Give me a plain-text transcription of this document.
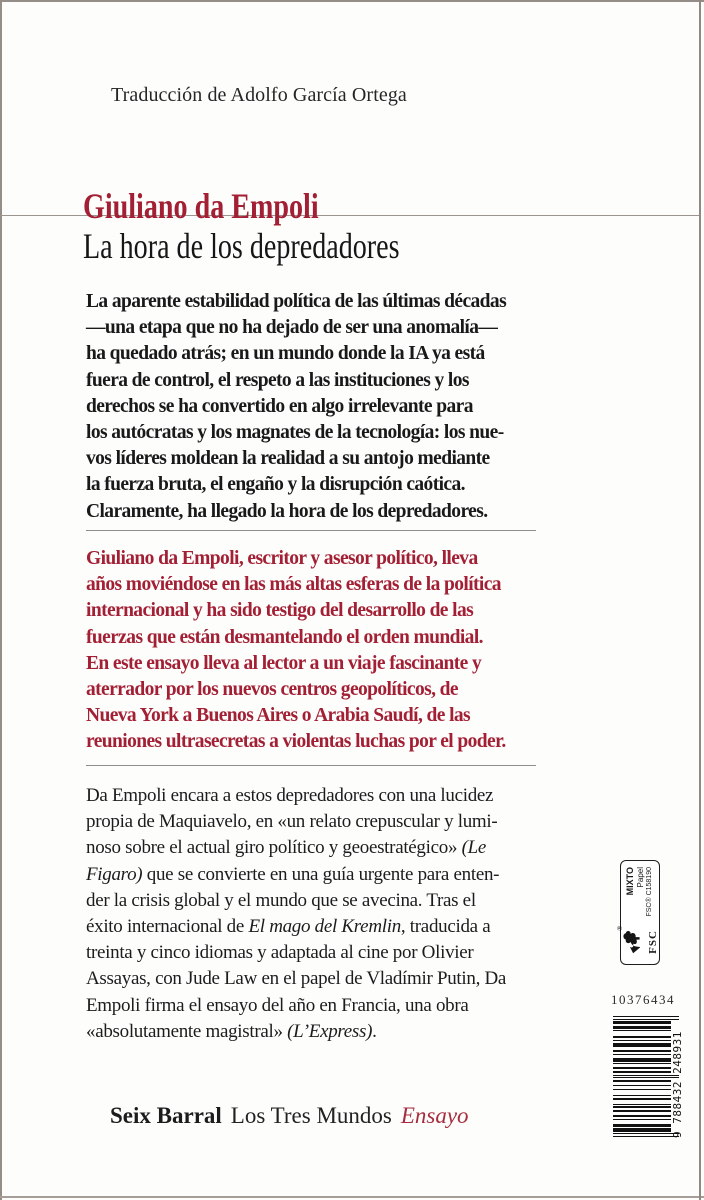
Traducción de Adolfo García Ortega
Giuliano da Empoli
La hora de los depredadores
La aparente estabilidad política de las últimas décadas
—una etapa que no ha dejado de ser una anomalía—
ha quedado atrás; en un mundo donde la IA ya está
fuera de control, el respeto a las instituciones y los
derechos se ha convertido en algo irrelevante para
los autócratas y los magnates de la tecnología: los nue-
vos líderes moldean la realidad a su antojo mediante
la fuerza bruta, el engaño y la disrupción caótica.
Claramente, ha llegado la hora de los depredadores.
Giuliano da Empoli, escritor y asesor político, lleva
años moviéndose en las más altas esferas de la política
internacional y ha sido testigo del desarrollo de las
fuerzas que están desmantelando el orden mundial.
En este ensayo lleva al lector a un viaje fascinante y
aterrador por los nuevos centros geopolíticos, de
Nueva York a Buenos Aires o Arabia Saudí, de las
reuniones ultrasecretas a violentas luchas por el poder.
Da Empoli encara a estos depredadores con una lucidez
propia de Maquiavelo, en «un relato crepuscular y lumi-
noso sobre el actual giro político y geoestratégico» (Le
Figaro) que se convierte en una guía urgente para enten-
der la crisis global y el mundo que se avecina. Tras el
éxito internacional de El mago del Kremlin, traducida a
treinta y cinco idiomas y adaptada al cine por Olivier
Assayas, con Jude Law en el papel de Vladímir Putin, Da
Empoli firma el ensayo del año en Francia, una obra
«absolutamente magistral» (L’Express).
Seix Barral Los Tres Mundos Ensayo
®
FSC
MIXTO Papel FSC® C158190
10376434
9 788432 248931
